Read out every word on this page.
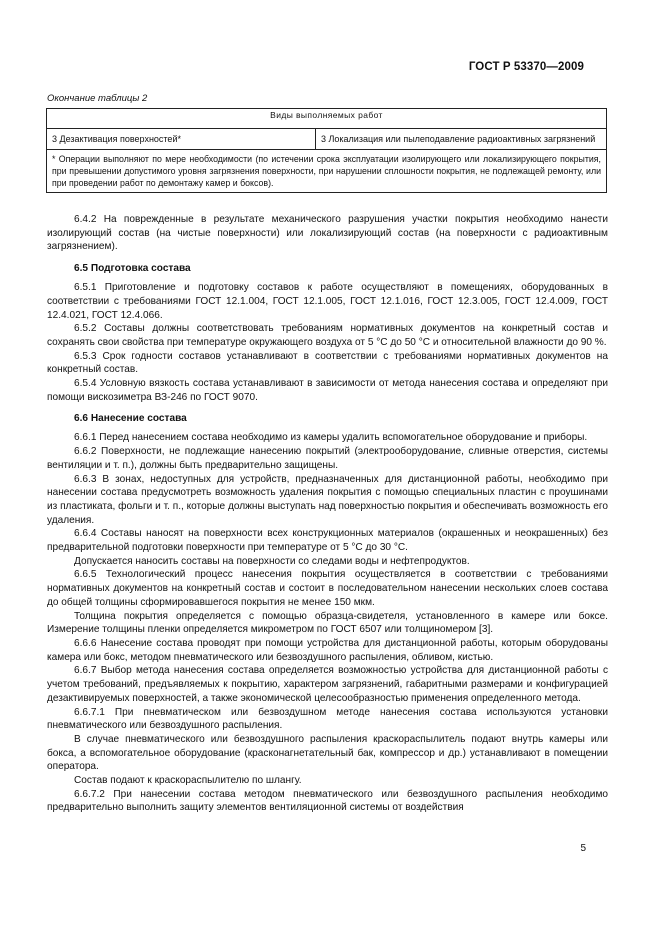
ГОСТ Р 53370—2009
Окончание таблицы 2
Виды выполняемых работ
3 Дезактивация поверхностей*	3 Локализация или пылеподавление радиоактивных загрязнений
* Операции выполняют по мере необходимости (по истечении срока эксплуатации изолирующего или локализирующего покрытия, при превышении допустимого уровня загрязнения поверхности, при нарушении сплошности покрытия, не подлежащей ремонту, или при проведении работ по демонтажу камер и боксов).

6.4.2 На поврежденные в результате механического разрушения участки покрытия необходимо нанести изолирующий состав (на чистые поверхности) или локализирующий состав (на поверхности с радиоактивным загрязнением).

6.5 Подготовка состава

6.5.1 Приготовление и подготовку составов к работе осуществляют в помещениях, оборудованных в соответствии с требованиями ГОСТ 12.1.004, ГОСТ 12.1.005, ГОСТ 12.1.016, ГОСТ 12.3.005, ГОСТ 12.4.009, ГОСТ 12.4.021, ГОСТ 12.4.066.

6.5.2 Составы должны соответствовать требованиям нормативных документов на конкретный состав и сохранять свои свойства при температуре окружающего воздуха от 5 °С до 50 °С и относительной влажности до 90 %.

6.5.3 Срок годности составов устанавливают в соответствии с требованиями нормативных документов на конкретный состав.

6.5.4 Условную вязкость состава устанавливают в зависимости от метода нанесения состава и определяют при помощи вискозиметра ВЗ-246 по ГОСТ 9070.

6.6 Нанесение состава

6.6.1 Перед нанесением состава необходимо из камеры удалить вспомогательное оборудование и приборы.

6.6.2 Поверхности, не подлежащие нанесению покрытий (электрооборудование, сливные отверстия, системы вентиляции и т. п.), должны быть предварительно защищены.

6.6.3 В зонах, недоступных для устройств, предназначенных для дистанционной работы, необходимо при нанесении состава предусмотреть возможность удаления покрытия с помощью специальных пластин с проушинами из пластиката, фольги и т. п., которые должны выступать над поверхностью покрытия и обеспечивать возможность его удаления.

6.6.4 Составы наносят на поверхности всех конструкционных материалов (окрашенных и неокрашенных) без предварительной подготовки поверхности при температуре от 5 °С до 30 °С.

Допускается наносить составы на поверхности со следами воды и нефтепродуктов.

6.6.5 Технологический процесс нанесения покрытия осуществляется в соответствии с требованиями нормативных документов на конкретный состав и состоит в последовательном нанесении нескольких слоев состава до общей толщины сформировавшегося покрытия не менее 150 мкм.

Толщина покрытия определяется с помощью образца-свидетеля, установленного в камере или боксе. Измерение толщины пленки определяется микрометром по ГОСТ 6507 или толщиномером [3].

6.6.6 Нанесение состава проводят при помощи устройства для дистанционной работы, которым оборудованы камера или бокс, методом пневматического или безвоздушного распыления, обливом, кистью.

6.6.7 Выбор метода нанесения состава определяется возможностью устройства для дистанционной работы с учетом требований, предъявляемых к покрытию, характером загрязнений, габаритными размерами и конфигурацией дезактивируемых поверхностей, а также экономической целесообразностью применения определенного метода.

6.6.7.1 При пневматическом или безвоздушном методе нанесения состава используются установки пневматического или безвоздушного распыления.

В случае пневматического или безвоздушного распыления краскораспылитель подают внутрь камеры или бокса, а вспомогательное оборудование (красконагнетательный бак, компрессор и др.) устанавливают в помещении оператора.

Состав подают к краскораспылителю по шлангу.

6.6.7.2 При нанесении состава методом пневматического или безвоздушного распыления необходимо предварительно выполнить защиту элементов вентиляционной системы от воздействия

5
